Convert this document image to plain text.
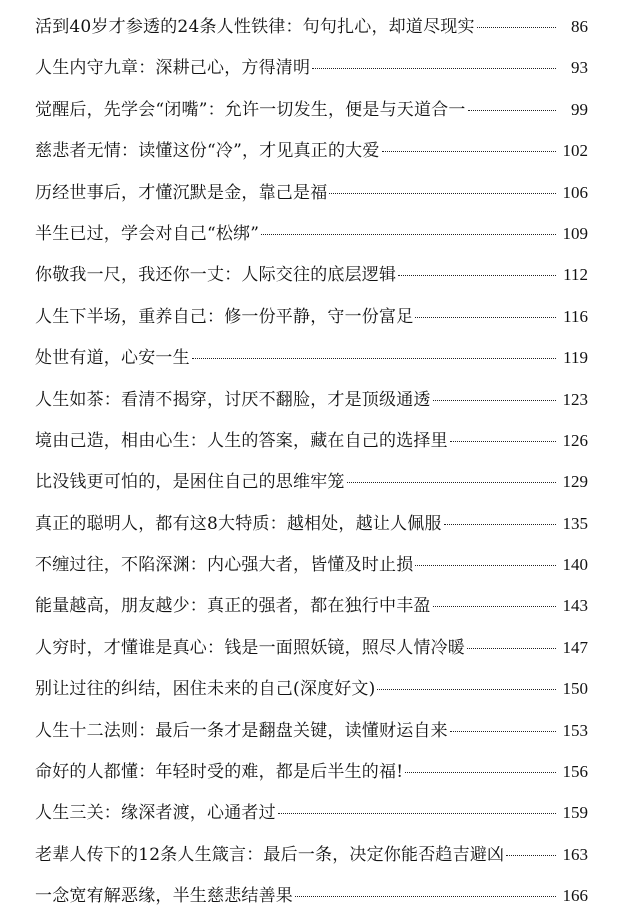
活到40岁才参透的24条人性铁律：句句扎心，却道尽现实	86
人生内守九章：深耕己心，方得清明	93
觉醒后，先学会“闭嘴”：允许一切发生，便是与天道合一	99
慈悲者无情：读懂这份“冷”，才见真正的大爱	102
历经世事后，才懂沉默是金，靠己是福	106
半生已过，学会对自己“松绑”	109
你敬我一尺，我还你一丈：人际交往的底层逻辑	112
人生下半场，重养自己：修一份平静，守一份富足	116
处世有道，心安一生	119
人生如茶：看清不揭穿，讨厌不翻脸，才是顶级通透	123
境由己造，相由心生：人生的答案，藏在自己的选择里	126
比没钱更可怕的，是困住自己的思维牢笼	129
真正的聪明人，都有这8大特质：越相处，越让人佩服	135
不缠过往，不陷深渊：内心强大者，皆懂及时止损	140
能量越高，朋友越少：真正的强者，都在独行中丰盈	143
人穷时，才懂谁是真心：钱是一面照妖镜，照尽人情冷暖	147
别让过往的纠结，困住未来的自己(深度好文)	150
人生十二法则：最后一条才是翻盘关键，读懂财运自来	153
命好的人都懂：年轻时受的难，都是后半生的福!	156
人生三关：缘深者渡，心通者过	159
老辈人传下的12条人生箴言：最后一条，决定你能否趋吉避凶	163
一念宽宥解恶缘，半生慈悲结善果	166
